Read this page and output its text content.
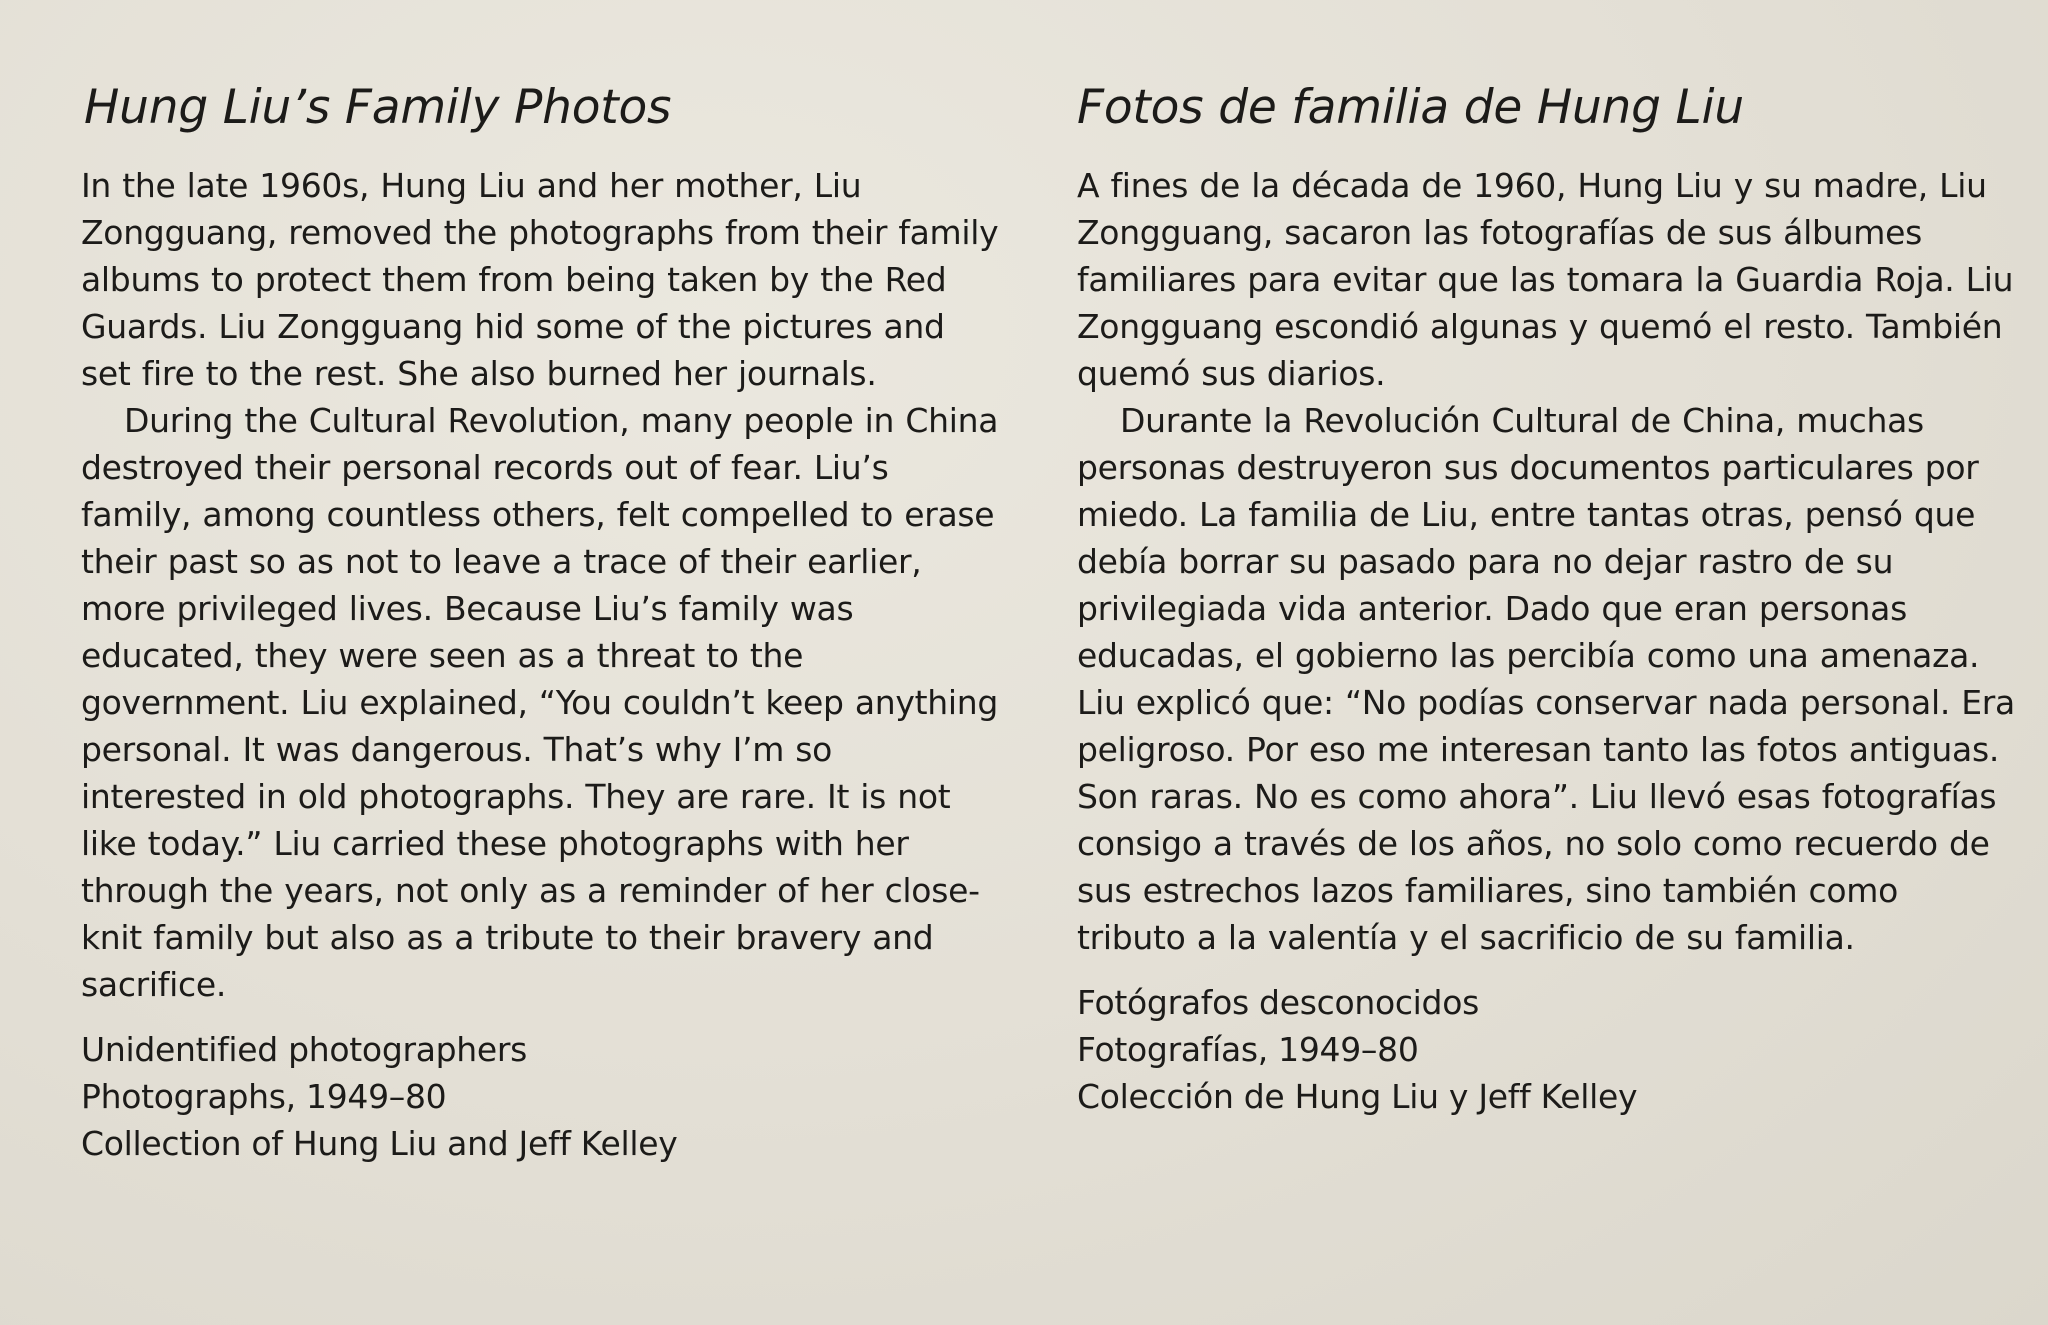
Hung Liu’s Family Photos

In the late 1960s, Hung Liu and her mother, Liu Zongguang, removed the photographs from their family albums to protect them from being taken by the Red Guards. Liu Zongguang hid some of the pictures and set fire to the rest. She also burned her journals.

During the Cultural Revolution, many people in China destroyed their personal records out of fear. Liu’s family, among countless others, felt compelled to erase their past so as not to leave a trace of their earlier, more privileged lives. Because Liu’s family was educated, they were seen as a threat to the government. Liu explained, “You couldn’t keep anything personal. It was dangerous. That’s why I’m so interested in old photographs. They are rare. It is not like today.” Liu carried these photographs with her through the years, not only as a reminder of her close-knit family but also as a tribute to their bravery and sacrifice.

Unidentified photographers
Photographs, 1949–80
Collection of Hung Liu and Jeff Kelley
Fotos de familia de Hung Liu

A fines de la década de 1960, Hung Liu y su madre, Liu Zongguang, sacaron las fotografías de sus álbumes familiares para evitar que las tomara la Guardia Roja. Liu Zongguang escondió algunas y quemó el resto. También quemó sus diarios.

Durante la Revolución Cultural de China, muchas personas destruyeron sus documentos particulares por miedo. La familia de Liu, entre tantas otras, pensó que debía borrar su pasado para no dejar rastro de su privilegiada vida anterior. Dado que eran personas educadas, el gobierno las percibía como una amenaza. Liu explicó que: “No podías conservar nada personal. Era peligroso. Por eso me interesan tanto las fotos antiguas. Son raras. No es como ahora”. Liu llevó esas fotografías consigo a través de los años, no solo como recuerdo de sus estrechos lazos familiares, sino también como tributo a la valentía y el sacrificio de su familia.

Fotógrafos desconocidos
Fotografías, 1949–80
Colección de Hung Liu y Jeff Kelley
